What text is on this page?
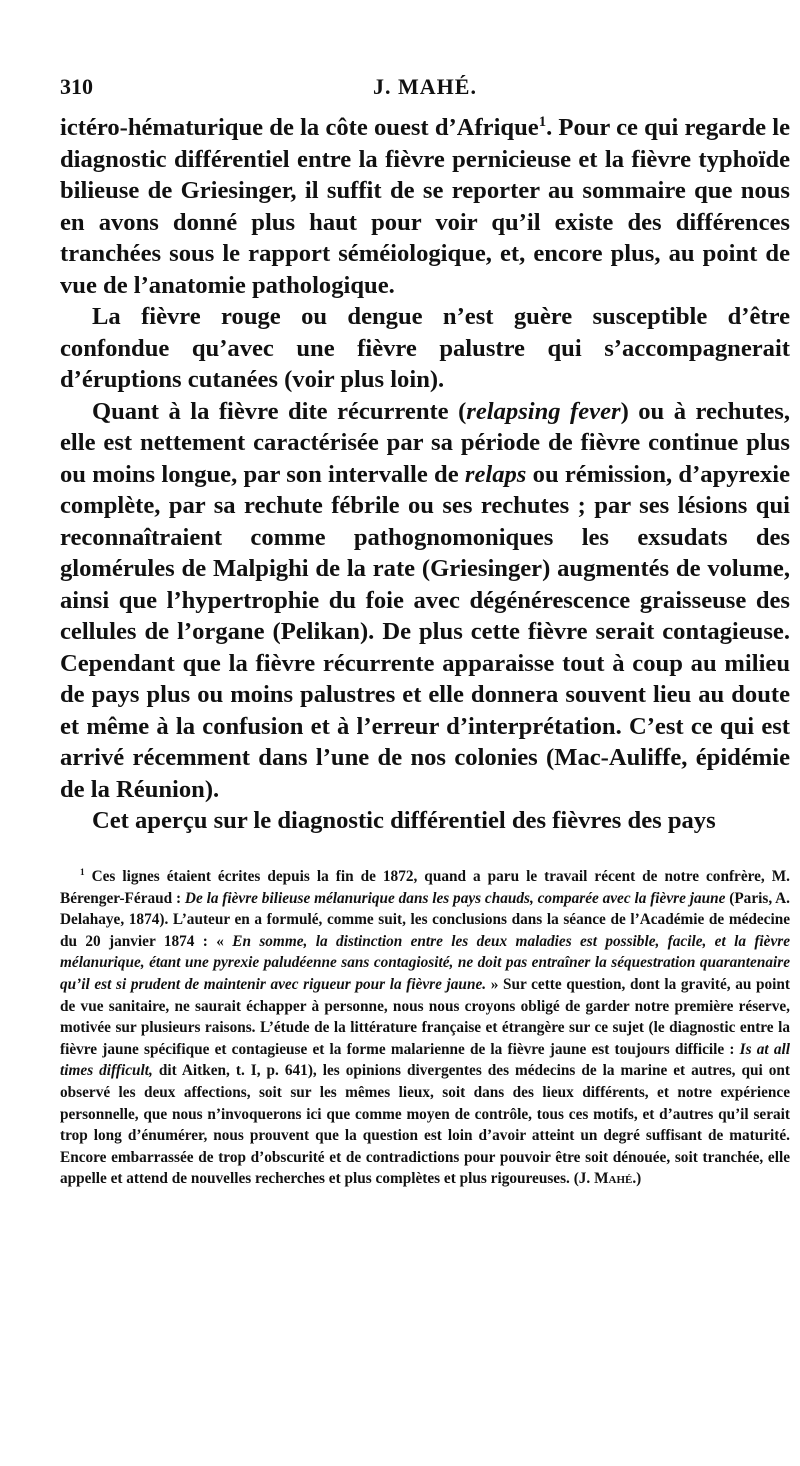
310	J. MAHÉ.

ictéro-hématurique de la côte ouest d’Afrique$^1$. Pour ce qui regarde le diagnostic différentiel entre la fièvre pernicieuse et la fièvre typhoïde bilieuse de Griesinger, il suffit de se reporter au sommaire que nous en avons donné plus haut pour voir qu’il existe des différences tranchées sous le rapport séméiologique, et, encore plus, au point de vue de l’anatomie pathologique.

La fièvre rouge ou dengue n’est guère susceptible d’être confondue qu’avec une fièvre palustre qui s’accompagnerait d’éruptions cutanées (voir plus loin).

Quant à la fièvre dite récurrente (relapsing fever) ou à rechutes, elle est nettement caractérisée par sa période de fièvre continue plus ou moins longue, par son intervalle de relaps ou rémission, d’apyrexie complète, par sa rechute fébrile ou ses rechutes ; par ses lésions qui reconnaîtraient comme pathognomoniques les exsudats des glomérules de Malpighi de la rate (Griesinger) augmentés de volume, ainsi que l’hypertrophie du foie avec dégénérescence graisseuse des cellules de l’organe (Pelikan). De plus cette fièvre serait contagieuse. Cependant que la fièvre récurrente apparaisse tout à coup au milieu de pays plus ou moins palustres et elle donnera souvent lieu au doute et même à la confusion et à l’erreur d’interprétation. C’est ce qui est arrivé récemment dans l’une de nos colonies (Mac-Auliffe, épidémie de la Réunion).

Cet aperçu sur le diagnostic différentiel des fièvres des pays

$^1$ Ces lignes étaient écrites depuis la fin de 1872, quand a paru le travail récent de notre confrère, M. Bérenger-Féraud : De la fièvre bilieuse mélanurique dans les pays chauds, comparée avec la fièvre jaune (Paris, A. Delahaye, 1874). L’auteur en a formulé, comme suit, les conclusions dans la séance de l’Académie de médecine du 20 janvier 1874 : « En somme, la distinction entre les deux maladies est possible, facile, et la fièvre mélanurique, étant une pyrexie paludéenne sans contagiosité, ne doit pas entraîner la séquestration quarantenaire qu’il est si prudent de maintenir avec rigueur pour la fièvre jaune. » Sur cette question, dont la gravité, au point de vue sanitaire, ne saurait échapper à personne, nous nous croyons obligé de garder notre première réserve, motivée sur plusieurs raisons. L’étude de la littérature française et étrangère sur ce sujet (le diagnostic entre la fièvre jaune spécifique et contagieuse et la forme malarienne de la fièvre jaune est toujours difficile : Is at all times difficult, dit Aitken, t. I, p. 641), les opinions divergentes des médecins de la marine et autres, qui ont observé les deux affections, soit sur les mêmes lieux, soit dans des lieux différents, et notre expérience personnelle, que nous n’invoquerons ici que comme moyen de contrôle, tous ces motifs, et d’autres qu’il serait trop long d’énumérer, nous prouvent que la question est loin d’avoir atteint un degré suffisant de maturité. Encore embarrassée de trop d’obscurité et de contradictions pour pouvoir être soit dénouée, soit tranchée, elle appelle et attend de nouvelles recherches et plus complètes et plus rigoureuses. (J. Mahé.)
